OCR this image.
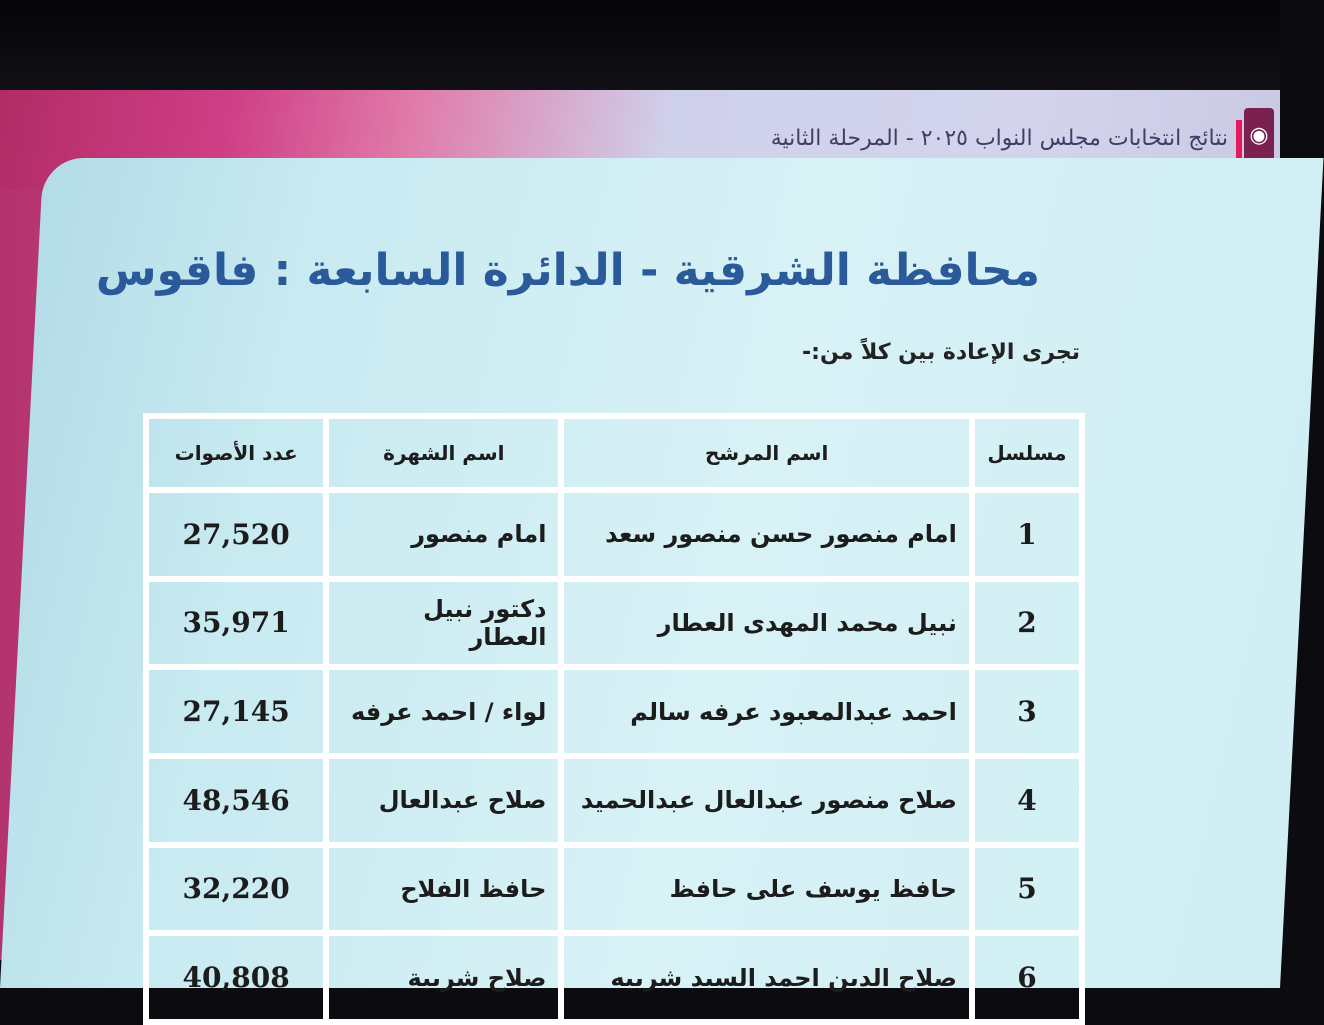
◉
نتائج انتخابات مجلس النواب ٢٠٢٥ - المرحلة الثانية
محافظة الشرقية - الدائرة السابعة : فاقوس
تجرى الإعادة بين كلاً من:-
مسلسل	اسم المرشح	اسم الشهرة	عدد الأصوات
1	امام منصور حسن منصور سعد	امام منصور	27,520
2	نبيل محمد المهدى العطار	دكتور نبيل العطار	35,971
3	احمد عبدالمعبود عرفه سالم	لواء / احمد عرفه	27,145
4	صلاح منصور عبدالعال عبدالحميد	صلاح عبدالعال	48,546
5	حافظ يوسف على حافظ	حافظ الفلاح	32,220
6	صلاح الدين احمد السيد شربيه	صلاح شربية	40,808
